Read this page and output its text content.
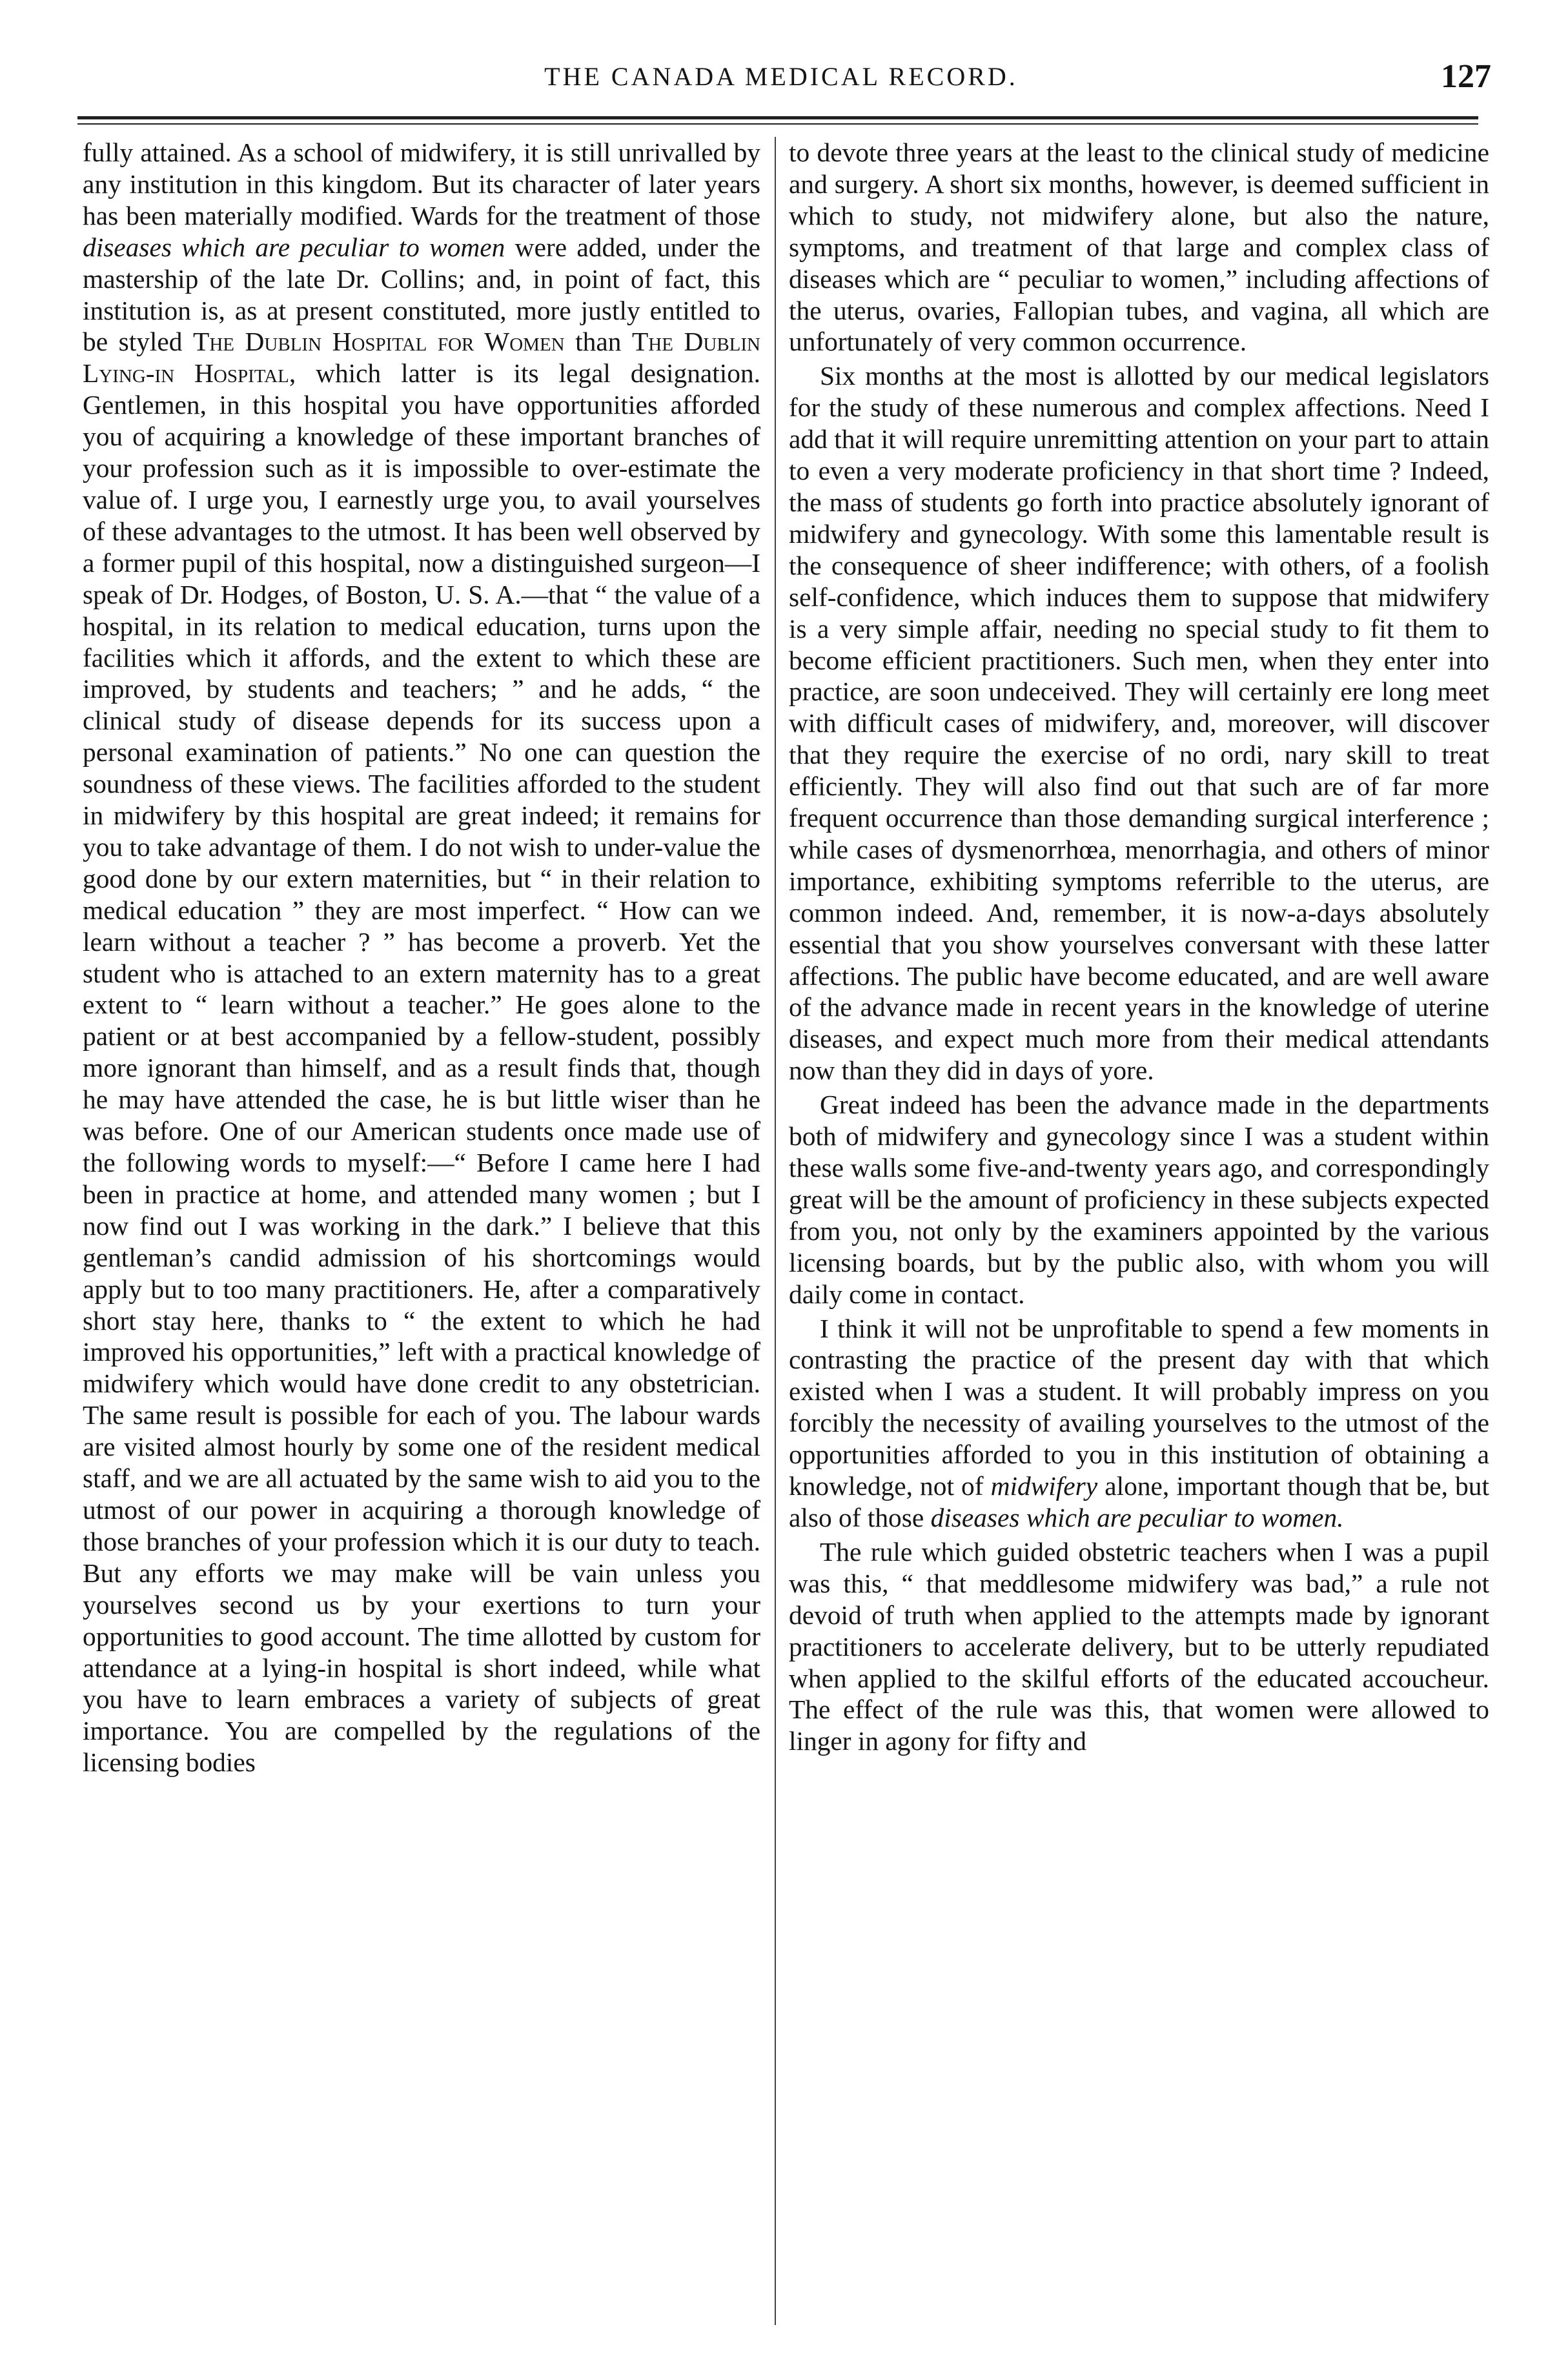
THE CANADA MEDICAL RECORD.	127

fully attained. As a school of midwifery, it is still unrivalled by any institution in this kingdom. But its character of later years has been materially modified. Wards for the treatment of those diseases which are peculiar to women were added, under the mastership of the late Dr. Collins; and, in point of fact, this institution is, as at present constituted, more justly entitled to be styled The Dublin Hospital for Women than The Dublin Lying-in Hospital, which latter is its legal designation. Gentlemen, in this hospital you have opportunities afforded you of acquiring a knowledge of these important branches of your profession such as it is impossible to over-estimate the value of. I urge you, I earnestly urge you, to avail yourselves of these advantages to the utmost. It has been well observed by a former pupil of this hospital, now a distinguished surgeon—I speak of Dr. Hodges, of Boston, U. S. A.—that “ the value of a hospital, in its relation to medical education, turns upon the facilities which it affords, and the extent to which these are improved, by students and teachers; ” and he adds, “ the clinical study of disease depends for its success upon a personal examination of patients.” No one can question the soundness of these views. The facilities afforded to the student in midwifery by this hospital are great indeed; it remains for you to take advantage of them. I do not wish to under-value the good done by our extern maternities, but “ in their relation to medical education ” they are most imperfect. “ How can we learn without a teacher ? ” has become a proverb. Yet the student who is attached to an extern maternity has to a great extent to “ learn without a teacher.” He goes alone to the patient or at best accompanied by a fellow-student, possibly more ignorant than himself, and as a result finds that, though he may have attended the case, he is but little wiser than he was before. One of our American students once made use of the following words to myself:—“ Before I came here I had been in practice at home, and attended many women ; but I now find out I was working in the dark.” I believe that this gentleman’s candid admission of his shortcomings would apply but to too many practitioners. He, after a comparatively short stay here, thanks to “ the extent to which he had improved his opportunities,” left with a practical knowledge of midwifery which would have done credit to any obstetrician. The same result is possible for each of you. The labour wards are visited almost hourly by some one of the resident medical staff, and we are all actuated by the same wish to aid you to the utmost of our power in acquiring a thorough knowledge of those branches of your profession which it is our duty to teach. But any efforts we may make will be vain unless you yourselves second us by your exertions to turn your opportunities to good account. The time allotted by custom for attendance at a lying-in hospital is short indeed, while what you have to learn embraces a variety of subjects of great importance. You are compelled by the regulations of the licensing bodies

to devote three years at the least to the clinical study of medicine and surgery. A short six months, however, is deemed sufficient in which to study, not midwifery alone, but also the nature, symptoms, and treatment of that large and complex class of diseases which are “ peculiar to women,” including affections of the uterus, ovaries, Fallopian tubes, and vagina, all which are unfortunately of very common occurrence.

Six months at the most is allotted by our medical legislators for the study of these numerous and complex affections. Need I add that it will require unremitting attention on your part to attain to even a very moderate proficiency in that short time ? Indeed, the mass of students go forth into practice absolutely ignorant of midwifery and gynecology. With some this lamentable result is the consequence of sheer indifference; with others, of a foolish self-confidence, which induces them to suppose that midwifery is a very simple affair, needing no special study to fit them to become efficient practitioners. Such men, when they enter into practice, are soon undeceived. They will certainly ere long meet with difficult cases of midwifery, and, moreover, will discover that they require the exercise of no ordi, nary skill to treat efficiently. They will also find out that such are of far more frequent occurrence than those demanding surgical interference ; while cases of dysmenorrhœa, menorrhagia, and others of minor importance, exhibiting symptoms referrible to the uterus, are common indeed. And, remember, it is now-a-days absolutely essential that you show yourselves conversant with these latter affections. The public have become educated, and are well aware of the advance made in recent years in the knowledge of uterine diseases, and expect much more from their medical attendants now than they did in days of yore.

Great indeed has been the advance made in the departments both of midwifery and gynecology since I was a student within these walls some five-and-twenty years ago, and correspondingly great will be the amount of proficiency in these subjects expected from you, not only by the examiners appointed by the various licensing boards, but by the public also, with whom you will daily come in contact.

I think it will not be unprofitable to spend a few moments in contrasting the practice of the present day with that which existed when I was a student. It will probably impress on you forcibly the necessity of availing yourselves to the utmost of the opportunities afforded to you in this institution of obtaining a knowledge, not of midwifery alone, important though that be, but also of those diseases which are peculiar to women.

The rule which guided obstetric teachers when I was a pupil was this, “ that meddlesome midwifery was bad,” a rule not devoid of truth when applied to the attempts made by ignorant practitioners to accelerate delivery, but to be utterly repudiated when applied to the skilful efforts of the educated accoucheur. The effect of the rule was this, that women were allowed to linger in agony for fifty and
